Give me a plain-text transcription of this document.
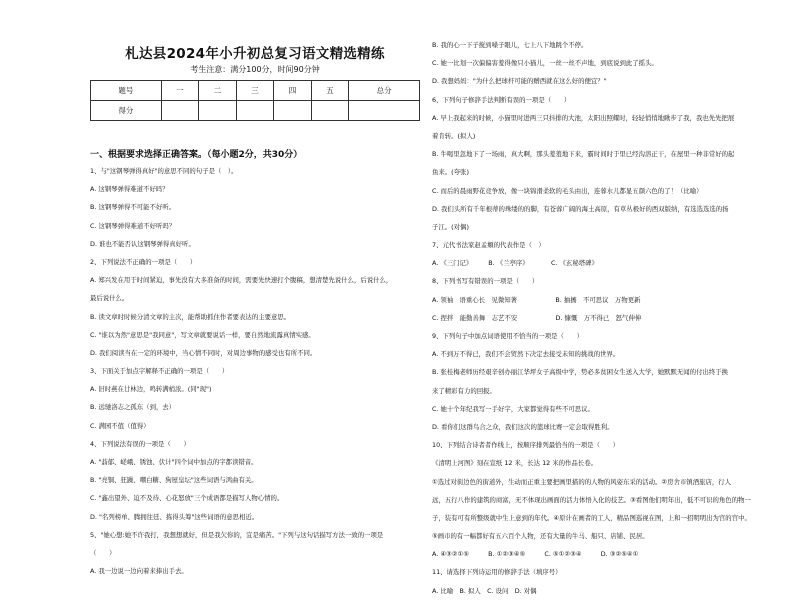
札达县2024年小升初总复习语文精选精练
考生注意：满分100分，时间90分钟
题号	一	二	三	四	五	总分
得分						
一、根据要求选择正确答案。（每小题2分，共30分）
1、与"这钢琴弹得真好"的意思不同的句子是（　）。
A. 这钢琴弹得难道不好吗？
B. 这钢琴弹得不可能不好听。
C. 这钢琴弹得难道不好听吗？
D. 谁也不能否认这钢琴弹得真好听。
2、下列说法不正确的一项是（　　）
A. 郑兴发在用于时间紧迫，事先没有大多准备的时间，需要先快速打个腹稿，想清楚先说什么，后说什么，
最后说什么。
B. 读文章时时候分清文章的主次，能帮助抓住作者要表达的主要意思。
C. "谁以为然"意思是"我同意"，写文章就要说话一样，要自然地流露真情实感。
D. 我们阅读当在一定的环境中，当心情不同时，对周边事物的感受也有所不同。
3、下面关于加点字解释不正确的一项是（　　）
A. 旧时燕在廿林边，鸣转满梢浓。(同"现")
B. 远驰洛志之孤东（到，去）
C. 满园不值（值得）
4、下列说法有误的一项是（　　）
A. "蓊郁、嵯峨、锈蚀、伏计"四个词中加点的字都读错音。
B. "亮铜、狂躁、嘲白糖、狗屋皇坛"这些词语与鸿曲有关。
C. "鑫出望外、迫不及待、心花怒放"三个成语都是描写人物心情的。
D. "名列榜单、腾拥往廷、拣得头筹"这些词语的意思相近。
5、"她心想:她不许我打，我想想就好，但是我欠你的，宜是痛苦。"下列与这句话描写方法一致的一项是
（　　）
A. 我一边说一边向着来捧出手去。
B. 我的心一下子搅到嗓子眼儿，七上八下地跳个不停。
C. 她一比划一次偏偏害羞得像只小猫儿，一丝一丝不声地，到底说到此了摇头。
D. 我想妈妈："为什么把球杆可能的赠西就在这么好的便宜？"
6、下列句子修辞手法判断有误的一项是（　　）
A. 早上我起来的时候，小猫里时进两三只抖排的大池，太阳出照耀时，轻轻悄悄地瞅步了我，我也先先把展
着肯转。(拟人)
B. 牛喝里忽地下了一场雨，真大啊，那头羞羞地下来，霸时间时于里已经沟溶正干，在屋里一种非常好的起
鱼来。(夸张)
C. 而后的晨雨野花竞争放，像一块锦滑柔软的毛头由出，连蓉水儿都显五颜六色的了！（比喻）
D. 我们头所有千年根蒂的珠缕的的脚，有苍蓉广阔的海土高原，有草丛极好的西双版纳，有选选选选的扬
子江。(对偶)
7、元代书法家赵孟頫的代表作是（　）
A. 《三门记》　　　B. 《兰亭序》　　　　C. 《玄秘塔碑》
8、下列书写有错误的一项是（　　）
A. 领袖　语重心长　见微知著　　　　　　B. 抽搐　不可思议　万物更新
C. 捏拌　能勤善舞　志艺不安　　　　　　D. 慷慨　万不得已　怒气伸伸
9、下列句子中加点词语使用不恰当的一项是（　　）
A. 不到万不得已，我们不会贸然下决定去接受未知的挑战的世界。
B. 张桂梅老师历经艰辛创办丽江华坪女子高级中学，势必多贫困女生送入大学，她默默无闻的付出终于换
来了精彩有力的回报。
C. 她十个年纪我写一手好字，大家都觉得有些不可思议。
D. 看你们这群鸟合之众，我们这次的篮球比赛一定会取得胜利。
10、下列结合诗者者作线上，按顺序排列最恰当的一项是（　　）
《清明上河图》刻在宣纸 12 米，长达 12 米的作品长卷。
①选过对街边色的街道外，生动而正重主要把画里描的的人物的风姿东采的活动。②房舍市镇酒旅店，行人
远，五行八作的建筑的商富，无不体现出画面的活力体悟入化的技艺。③看图他们明年出，低不可识的角色的物一
子，装有可有所整级就中生上意到的年代。④原计在画者的工人，精品图巡视在图，上和一招明明出为宫的宫中。
⑤画市的有一幅都好有五六百个人物，还有大量的牛马、船只、店铺、民居。
A. ④③②①⑤　　　B. ①②③④⑤　　　C. ⑤①②③④　　　D. ③②⑤④①
11、请选择下列诗运用的修辞手法（填序号）
A. 比喻　B. 拟人　C. 设问　D. 对偶
